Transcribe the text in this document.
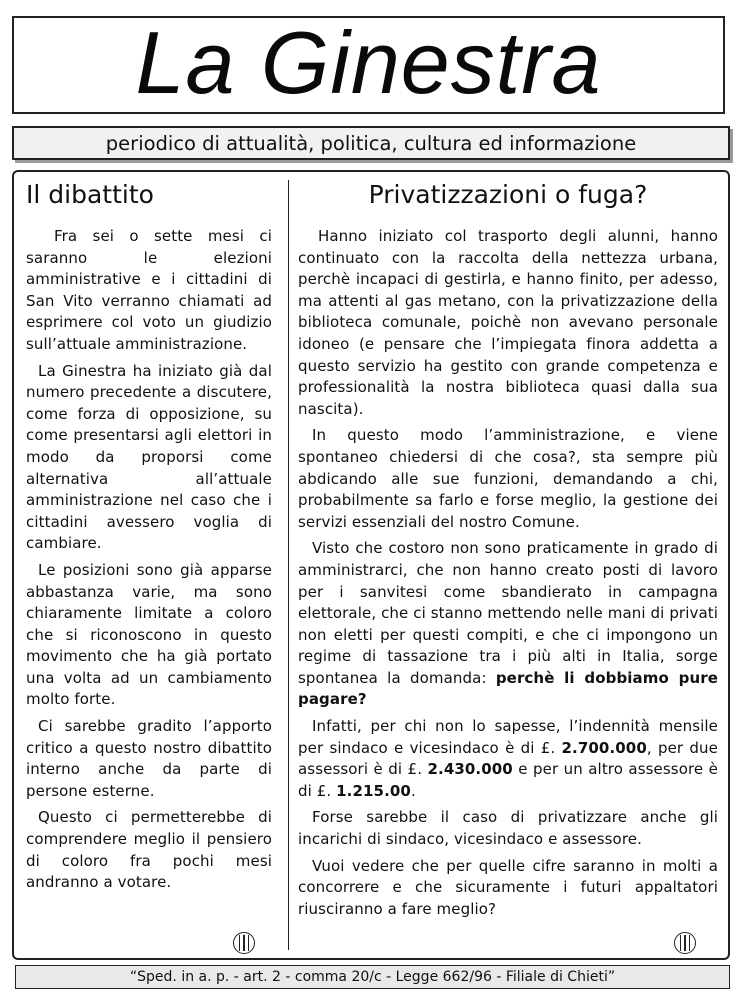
La Ginestra
periodico di attualità, politica, cultura ed informazione
Il dibattito

Fra sei o sette mesi ci saranno le elezioni amministrative e i cittadini di San Vito verranno chiamati ad esprimere col voto un giudizio sull’attuale amministrazione.

La Ginestra ha iniziato già dal numero precedente a discutere, come forza di opposizione, su come presentarsi agli elettori in modo da proporsi come alternativa all’attuale amministrazione nel caso che i cittadini avessero voglia di cambiare.

Le posizioni sono già apparse abbastanza varie, ma sono chiaramente limitate a coloro che si riconoscono in questo movimento che ha già portato una volta ad un cambiamento molto forte.

Ci sarebbe gradito l’apporto critico a questo nostro dibattito interno anche da parte di persone esterne.

Questo ci permetterebbe di comprendere meglio il pensiero di coloro fra pochi mesi andranno a votare.

Privatizzazioni o fuga?

Hanno iniziato col trasporto degli alunni, hanno continuato con la raccolta della nettezza urbana, perchè incapaci di gestirla, e hanno finito, per adesso, ma attenti al gas metano, con la privatizzazione della biblioteca comunale, poichè non avevano personale idoneo (e pensare che l’impiegata finora addetta a questo servizio ha gestito con grande competenza e professionalità la nostra biblioteca quasi dalla sua nascita).

In questo modo l’amministrazione, e viene spontaneo chiedersi di che cosa?, sta sempre più abdicando alle sue funzioni, demandando a chi, probabilmente sa farlo e forse meglio, la gestione dei servizi essenziali del nostro Comune.

Visto che costoro non sono praticamente in grado di amministrarci, che non hanno creato posti di lavoro per i sanvitesi come sbandierato in campagna elettorale, che ci stanno mettendo nelle mani di privati non eletti per questi compiti, e che ci impongono un regime di tassazione tra i più alti in Italia, sorge spontanea la domanda: perchè li dobbiamo pure pagare?

Infatti, per chi non lo sapesse, l’indennità mensile per sindaco e vicesindaco è di £. 2.700.000, per due assessori è di £. 2.430.000 e per un altro assessore è di £. 1.215.00.

Forse sarebbe il caso di privatizzare anche gli incarichi di sindaco, vicesindaco e assessore.

Vuoi vedere che per quelle cifre saranno in molti a concorrere e che sicuramente i futuri appaltatori riusciranno a fare meglio?

“Sped. in a. p. - art. 2 - comma 20/c - Legge 662/96 - Filiale di Chieti”
